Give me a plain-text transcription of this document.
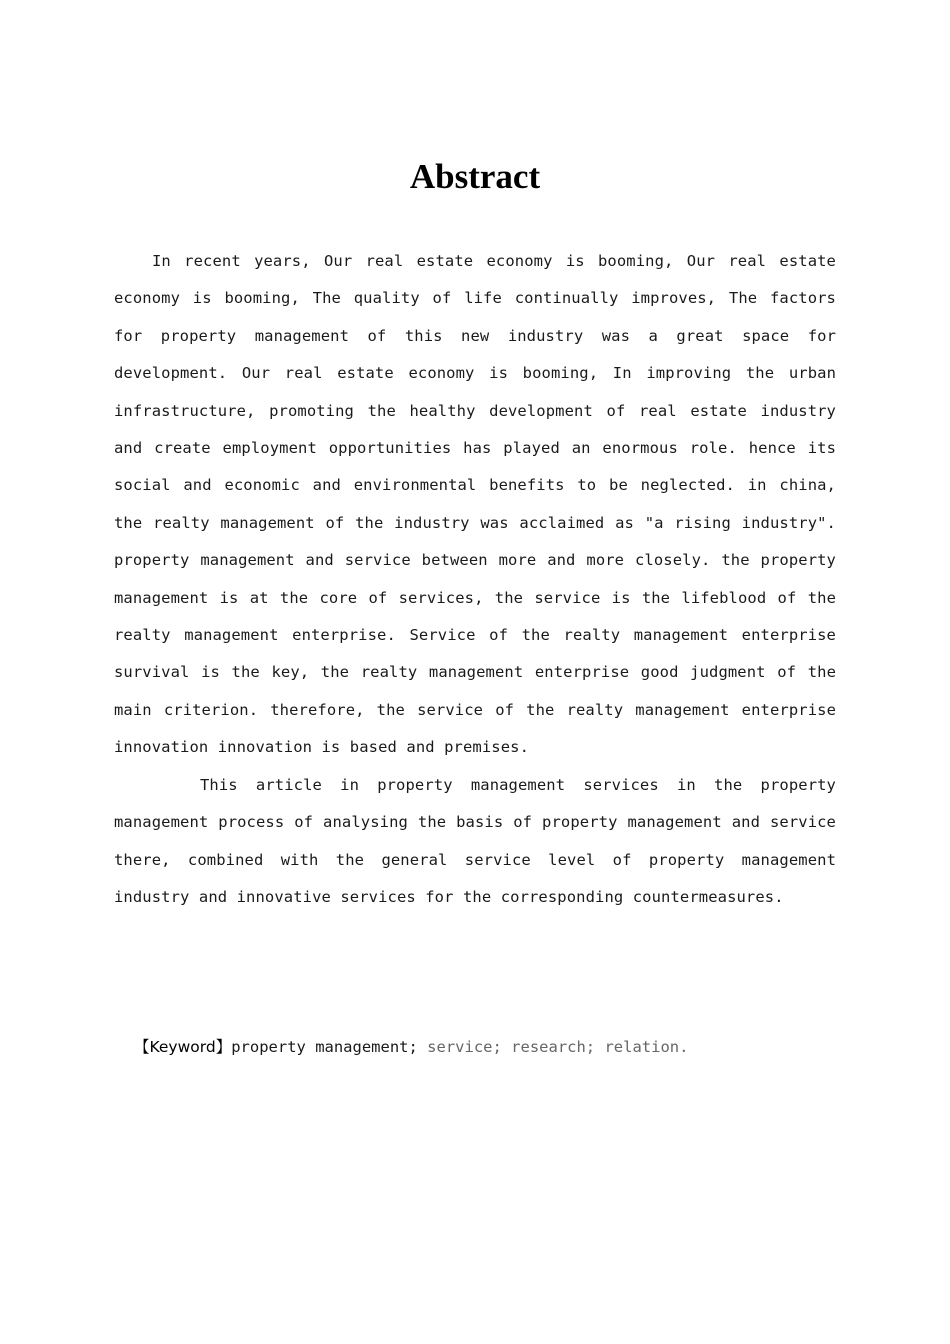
Abstract

In recent years, Our real estate economy is booming, Our real estate economy is booming, The quality of life continually improves, The factors for property management of this new industry was a great space for development. Our real estate economy is booming, In improving the urban infrastructure, promoting the healthy development of real estate industry and create employment opportunities has played an enormous role. hence its social and economic and environmental benefits to be neglected. in china, the realty management of the industry was acclaimed as "a rising industry". property management and service between more and more closely. the property management is at the core of services, the service is the lifeblood of the realty management enterprise. Service of the realty management enterprise survival is the key, the realty management enterprise good judgment of the main criterion. therefore, the service of the realty management enterprise innovation innovation is based and premises.

This article in property management services in the property management process of analysing the basis of property management and service there, combined with the general service level of property management industry and innovative services for the corresponding countermeasures.

【Keyword】property management; service; research; relation.
